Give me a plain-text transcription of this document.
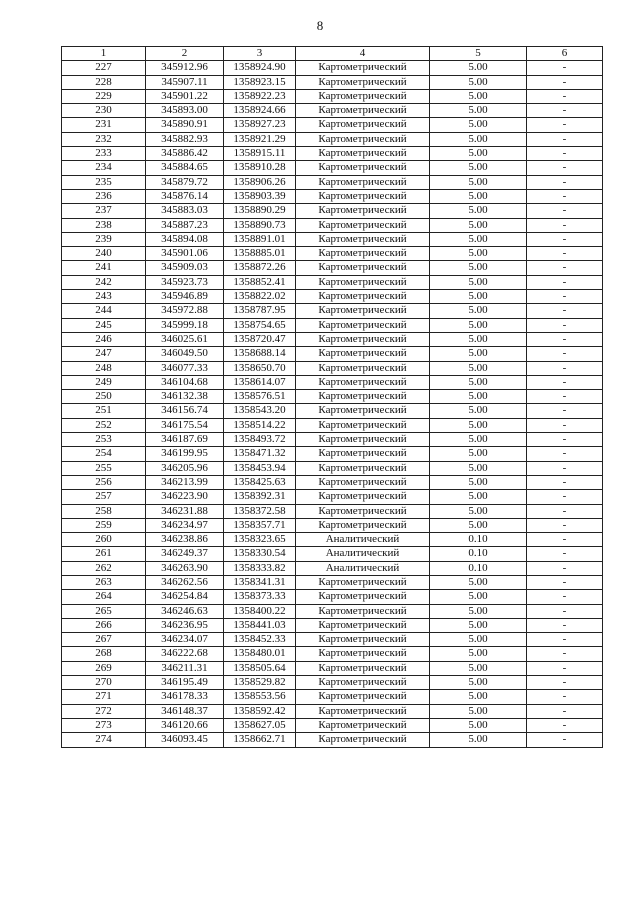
8
1	2	3	4	5	6
227	345912.96	1358924.90	Картометрический	5.00	-
228	345907.11	1358923.15	Картометрический	5.00	-
229	345901.22	1358922.23	Картометрический	5.00	-
230	345893.00	1358924.66	Картометрический	5.00	-
231	345890.91	1358927.23	Картометрический	5.00	-
232	345882.93	1358921.29	Картометрический	5.00	-
233	345886.42	1358915.11	Картометрический	5.00	-
234	345884.65	1358910.28	Картометрический	5.00	-
235	345879.72	1358906.26	Картометрический	5.00	-
236	345876.14	1358903.39	Картометрический	5.00	-
237	345883.03	1358890.29	Картометрический	5.00	-
238	345887.23	1358890.73	Картометрический	5.00	-
239	345894.08	1358891.01	Картометрический	5.00	-
240	345901.06	1358885.01	Картометрический	5.00	-
241	345909.03	1358872.26	Картометрический	5.00	-
242	345923.73	1358852.41	Картометрический	5.00	-
243	345946.89	1358822.02	Картометрический	5.00	-
244	345972.88	1358787.95	Картометрический	5.00	-
245	345999.18	1358754.65	Картометрический	5.00	-
246	346025.61	1358720.47	Картометрический	5.00	-
247	346049.50	1358688.14	Картометрический	5.00	-
248	346077.33	1358650.70	Картометрический	5.00	-
249	346104.68	1358614.07	Картометрический	5.00	-
250	346132.38	1358576.51	Картометрический	5.00	-
251	346156.74	1358543.20	Картометрический	5.00	-
252	346175.54	1358514.22	Картометрический	5.00	-
253	346187.69	1358493.72	Картометрический	5.00	-
254	346199.95	1358471.32	Картометрический	5.00	-
255	346205.96	1358453.94	Картометрический	5.00	-
256	346213.99	1358425.63	Картометрический	5.00	-
257	346223.90	1358392.31	Картометрический	5.00	-
258	346231.88	1358372.58	Картометрический	5.00	-
259	346234.97	1358357.71	Картометрический	5.00	-
260	346238.86	1358323.65	Аналитический	0.10	-
261	346249.37	1358330.54	Аналитический	0.10	-
262	346263.90	1358333.82	Аналитический	0.10	-
263	346262.56	1358341.31	Картометрический	5.00	-
264	346254.84	1358373.33	Картометрический	5.00	-
265	346246.63	1358400.22	Картометрический	5.00	-
266	346236.95	1358441.03	Картометрический	5.00	-
267	346234.07	1358452.33	Картометрический	5.00	-
268	346222.68	1358480.01	Картометрический	5.00	-
269	346211.31	1358505.64	Картометрический	5.00	-
270	346195.49	1358529.82	Картометрический	5.00	-
271	346178.33	1358553.56	Картометрический	5.00	-
272	346148.37	1358592.42	Картометрический	5.00	-
273	346120.66	1358627.05	Картометрический	5.00	-
274	346093.45	1358662.71	Картометрический	5.00	-
